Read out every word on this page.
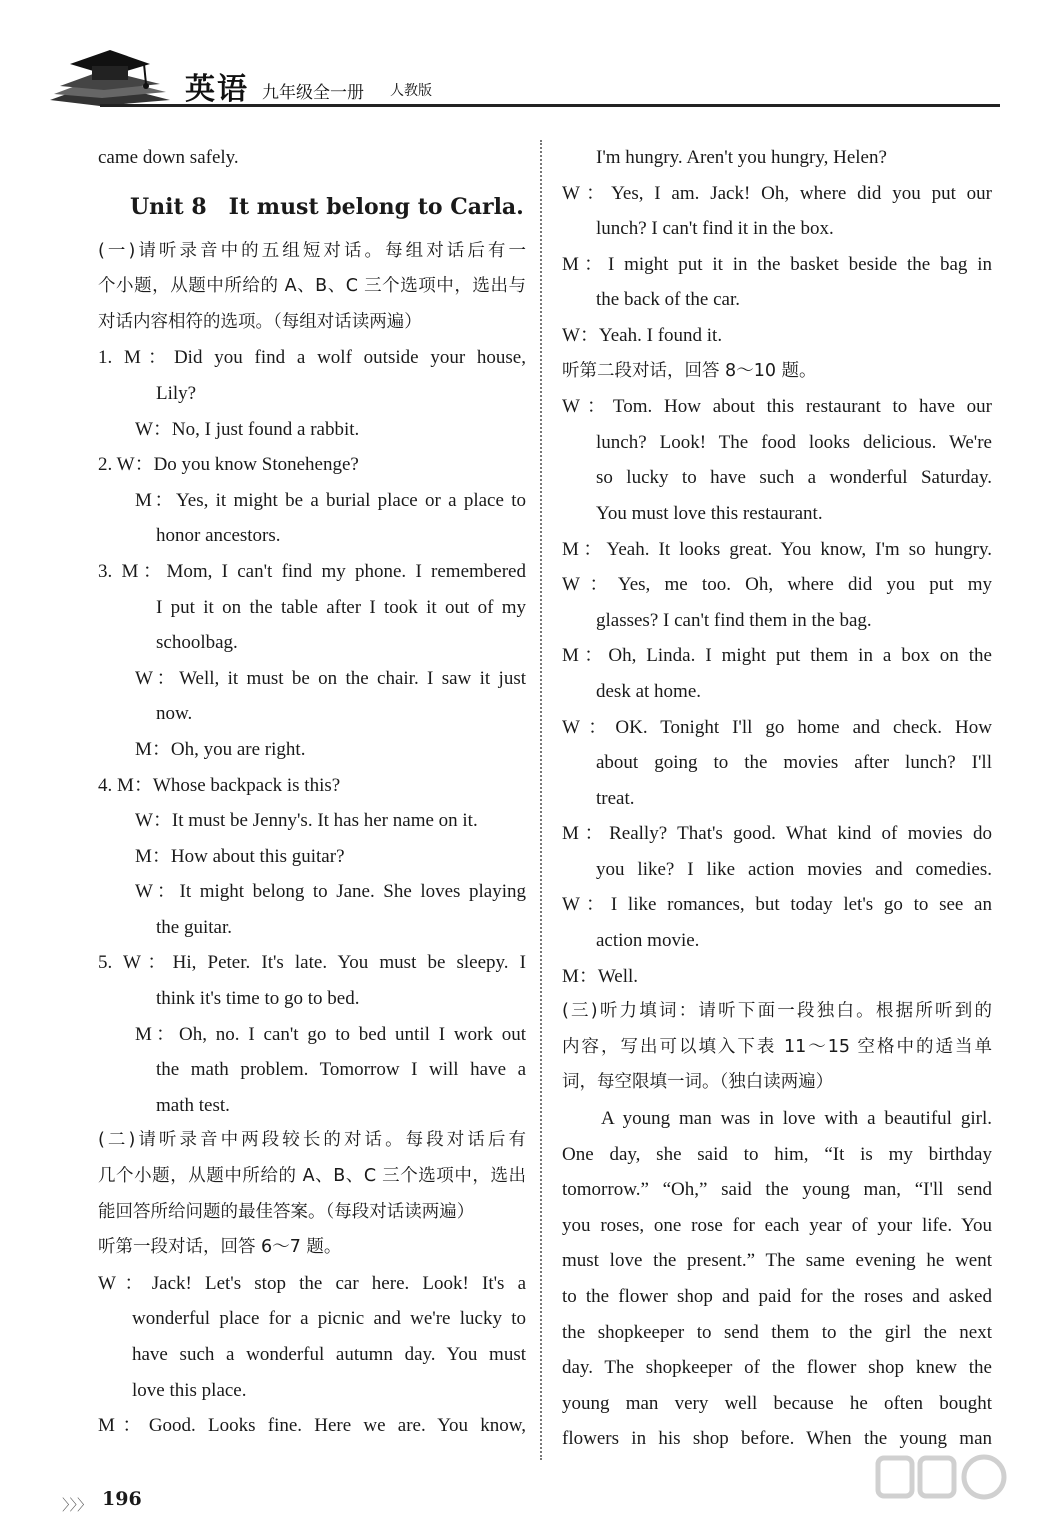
英语 九年级全一册 人教版
came down safely.
Unit 8 It must belong to Carla.
(一)请听录音中的五组短对话。每组对话后有一
个小题，从题中所给的 A、B、C 三个选项中，选出与
对话内容相符的选项。（每组对话读两遍）
1. M：Did you find a wolf outside your house,
Lily?
W：No, I just found a rabbit.
2. W：Do you know Stonehenge?
M：Yes, it might be a burial place or a place to
honor ancestors.
3. M：Mom, I can't find my phone. I remembered
I put it on the table after I took it out of my
schoolbag.
W：Well, it must be on the chair. I saw it just
now.
M：Oh, you are right.
4. M：Whose backpack is this?
W：It must be Jenny's. It has her name on it.
M：How about this guitar?
W：It might belong to Jane. She loves playing
the guitar.
5. W：Hi, Peter. It's late. You must be sleepy. I
think it's time to go to bed.
M：Oh, no. I can't go to bed until I work out
the math problem. Tomorrow I will have a
math test.
(二)请听录音中两段较长的对话。每段对话后有
几个小题，从题中所给的 A、B、C 三个选项中，选出
能回答所给问题的最佳答案。（每段对话读两遍）
听第一段对话，回答 6～7 题。
W：Jack! Let's stop the car here. Look! It's a
wonderful place for a picnic and we're lucky to
have such a wonderful autumn day. You must
love this place.
M：Good. Looks fine. Here we are. You know,
I'm hungry. Aren't you hungry, Helen?
W：Yes, I am. Jack! Oh, where did you put our
lunch? I can't find it in the box.
M：I might put it in the basket beside the bag in
the back of the car.
W：Yeah. I found it.
听第二段对话，回答 8～10 题。
W：Tom. How about this restaurant to have our
lunch? Look! The food looks delicious. We're
so lucky to have such a wonderful Saturday.
You must love this restaurant.
M：Yeah. It looks great. You know, I'm so hungry.
W：Yes, me too. Oh, where did you put my
glasses? I can't find them in the bag.
M：Oh, Linda. I might put them in a box on the
desk at home.
W：OK. Tonight I'll go home and check. How
about going to the movies after lunch? I'll
treat.
M：Really? That's good. What kind of movies do
you like? I like action movies and comedies.
W：I like romances, but today let's go to see an
action movie.
M：Well.
(三)听力填词：请听下面一段独白。根据所听到的
内容，写出可以填入下表 11～15 空格中的适当单
词，每空限填一词。（独白读两遍）
A young man was in love with a beautiful girl.
One day, she said to him, “It is my birthday
tomorrow.” “Oh,” said the young man, “I'll send
you roses, one rose for each year of your life. You
must love the present.” The same evening he went
to the flower shop and paid for the roses and asked
the shopkeeper to send them to the girl the next
day. The shopkeeper of the flower shop knew the
young man very well because he often bought
flowers in his shop before. When the young man
〉〉〉 196
